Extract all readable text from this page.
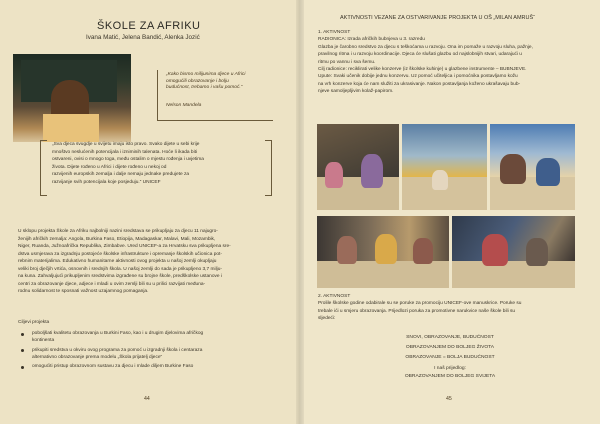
ŠKOLE ZA AFRIKU
Ivana Matić, Jelena Bandić, Alenka Jozić
„Kako bismo milijunima djece u Africi
omogućili obrazovanje i bolju
budućnost, trebamo i vašu pomoć.“
Nelson Mandela
„Sva djeca svugdje u svijetu imaju isto pravo. Svako dijete u sebi krije
mnoštvo neslućenih potencijala i izniminih talenata. Hoće li ikada biti
ostvareni, ovisi o mnogo toga, među ostalim o mjestu rođenja i uvjetima
života. Dijete rođeno u Africi i dijete rođeno u nekoj od
razvijenih europskih zemalja i dalje nemaju jednake predujete za
razvijanje svih potencijala koje posjeduju.“ UNICEF
U sklopu projekta Škole za Afriku najbolniji nazini sredstava se prikupljaju za djecu 11 najugro-
ženijih afričkih zemalja: Angola, Burkina Faso, Etiopija, Madagaskar, Malavi, Mali, Mozambik,
Niger, Ruanda, Južnoafrička Republika, Zimbabve. Ured UNICEF-a za Hrvatsku sva prikupljena sre-
dstva usmjerava za izgradnju postojeće školske infrastrukture i opremanje školskih učionica pot-
rebnim materijalima. Edukativno humanitarne aktivnosti ovog projekta u našoj zemlji okupljaju
veliki broj dječjih vrtića, osnovnih i srednjih škola. U našoj zemlji do sada je prikupljeno 3,7 milju-
na kuna. Zahvaljujući prikupljenim sredstvima izgrađene su brojne škole, predškolske ustanove i
centri za obrazovanje djece, adjece i mladi u ovim zemlji bili su u prilici razvijati međuna-
rodnu solidarnost te sposnati važnost uzajamnog pomaganja.
Ciljevi projekta
poboljšati kvalitetu obrazovanja u Burkini Faso, kao i u drugim djelovima afričkog
kontinenta
prikupiti sredstva u okviru ovog programa za pomoć u izgradnji škola i centaraza
alternativno obrazovanje prema modelu „Škola prijatelj djece“
omogućiti pristup obrazovnom sustavu za djecu i mlade diljem Burkine Faso
44
AKTIVNOSTI VEZANE ZA OSTVARIVANJE PROJEKTA U OŠ „MILAN AMRUŠ“
1. AKTIVNOST
RADIONICA: Izrada afričkih bubnjeva u 3. razredu
Glazba je čarobno sredstvo za djecu s teškoćama u razvoju. Ona im pomaže u razvoju sluha, pažnje,
pravilnog ritma i u razvoju koordinacije. Djeca će slušati glazbu od najslobnijih stvari, udaraјući u
ritmu po vannu i sva šemu.
Cilj radionice: reciklirati velike konzerve (iz školske kuhinje) u glazbene instrumente – BUBNJEVE.
Upute: Svaki učenik dobije jednu konzervu. Uz pomoć učiteljica i pomoćnika postavljamo kožu
na vrh konzerve koja će nam služiti za ukrasivanje. Nakon postavljanja koženo ukrašavaju bub-
njeve samoljepljivim kolaž-papirom.
2. AKTIVNOST
Prolile školske godine odabirale su se poruke za promociju UNICEF-ove manuskrice. Poruke su
trebale ići u smjeru obrazovanja. Prijedlozi poruka za promotivne narukvice naše škole bili su
sljedeći:
SNOVI, OBRAZOVANJE, BUDUĆNOST
OBRAZOVANJEM DO BOLJEG ŽIVOTA
OBRAZOVANJE = BOLJA BUDUĆNOST
I naš prijedlog:
OBRAZOVANJEM DO BOLJEG SVIJETA
45
